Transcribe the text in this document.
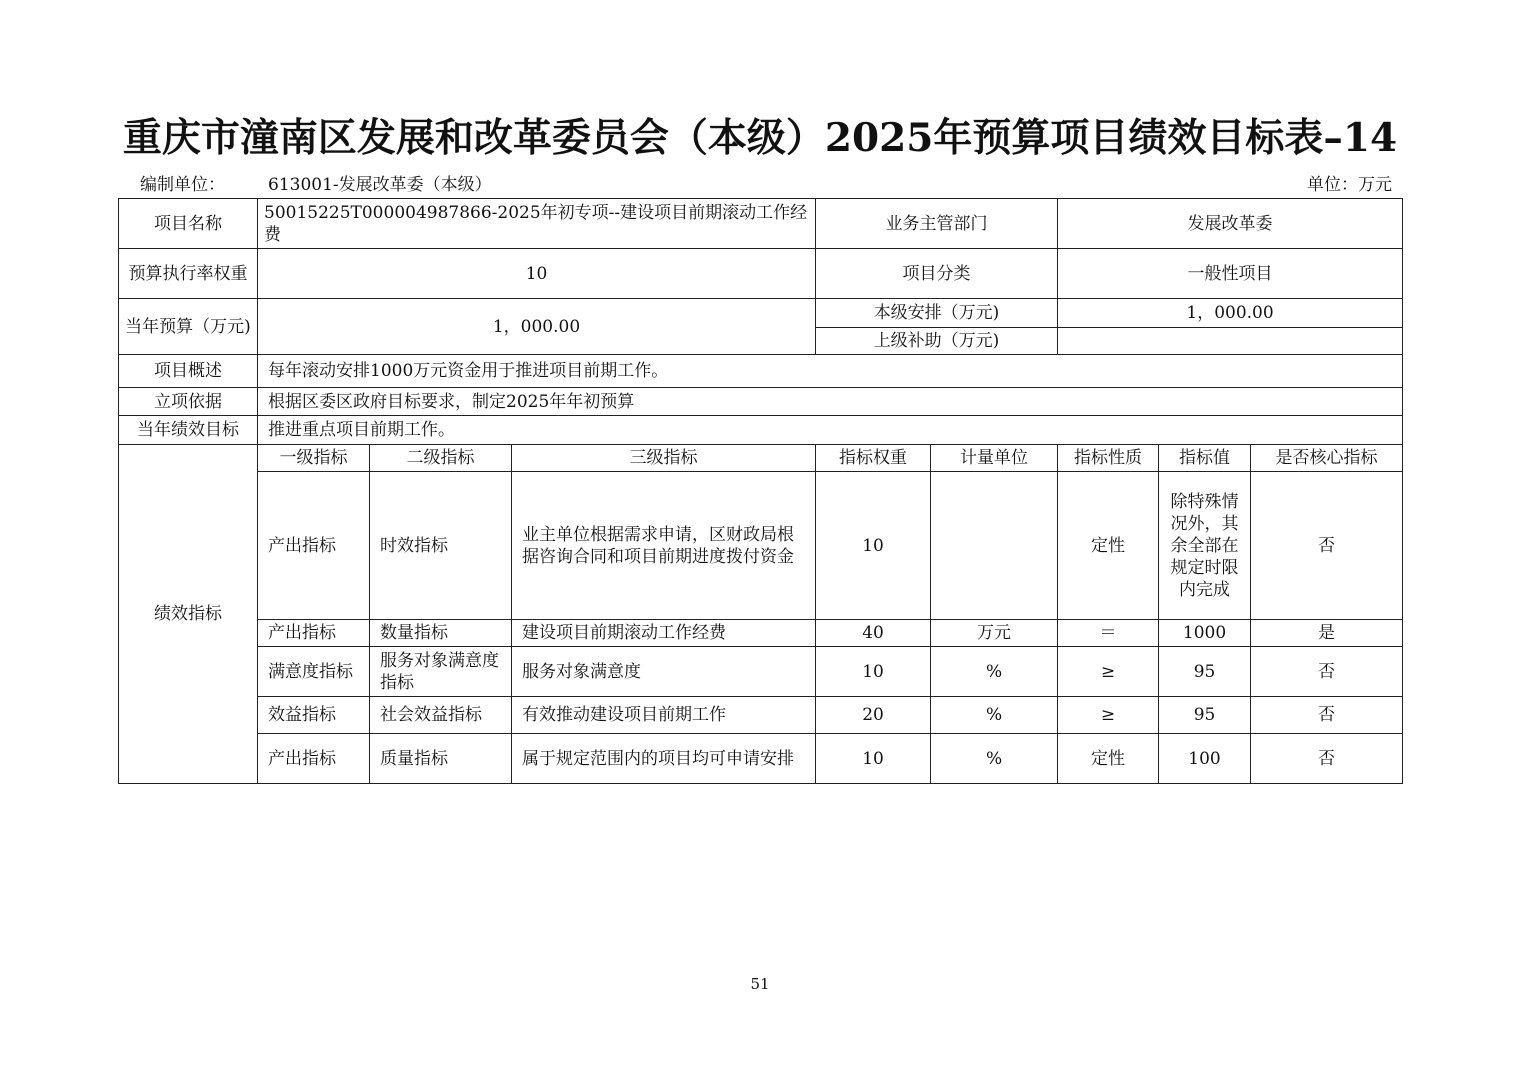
重庆市潼南区发展和改革委员会（本级）2025年预算项目绩效目标表–14
编制单位：	613001-发展改革委（本级）	单位：万元
项目名称	50015225T000004987866-2025年初专项--建设项目前期滚动工作经费			业务主管部门		发展改革委		
预算执行率权重	10			项目分类		一般性项目		
当年预算（万元)	1，000.00			本级安排（万元)		1，000.00		
				上级补助（万元)				
项目概述	每年滚动安排1000万元资金用于推进项目前期工作。							
立项依据	根据区委区政府目标要求，制定2025年年初预算							
当年绩效目标	推进重点项目前期工作。							
绩效指标	一级指标	二级指标	三级指标	指标权重	计量单位	指标性质	指标值	是否核心指标
	产出指标	时效指标	业主单位根据需求申请，区财政局根据咨询合同和项目前期进度拨付资金	10		定性	除特殊情况外，其余全部在规定时限内完成	否
	产出指标	数量指标	建设项目前期滚动工作经费	40	万元	＝	1000	是
	满意度指标	服务对象满意度指标	服务对象满意度	10	%	≥	95	否
	效益指标	社会效益指标	有效推动建设项目前期工作	20	%	≥	95	否
	产出指标	质量指标	属于规定范围内的项目均可申请安排	10	%	定性	100	否
51
